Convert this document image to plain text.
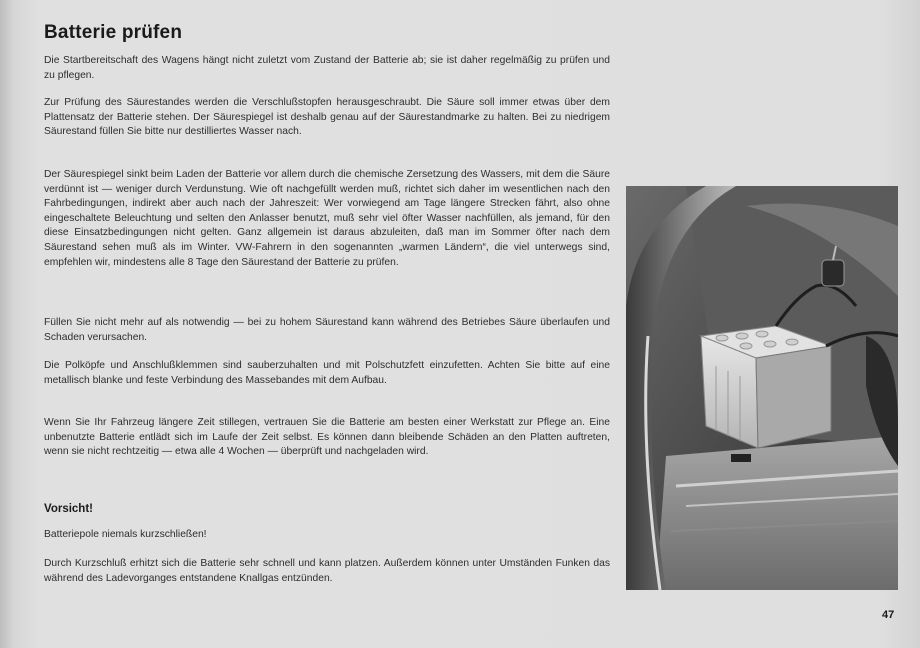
Batterie prüfen

Die Startbereitschaft des Wagens hängt nicht zuletzt vom Zustand der Batterie ab; sie ist daher regelmäßig zu prüfen und zu pflegen.

Zur Prüfung des Säurestandes werden die Verschlußstopfen herausgeschraubt. Die Säure soll immer etwas über dem Plattensatz der Batterie stehen. Der Säurespiegel ist deshalb genau auf der Säurestandmarke zu halten. Bei zu niedrigem Säurestand füllen Sie bitte nur destilliertes Wasser nach.

Der Säurespiegel sinkt beim Laden der Batterie vor allem durch die chemische Zersetzung des Wassers, mit dem die Säure verdünnt ist — weniger durch Verdunstung. Wie oft nachgefüllt werden muß, richtet sich daher im wesentlichen nach den Fahrbedingungen, indirekt aber auch nach der Jahreszeit: Wer vorwiegend am Tage längere Strecken fährt, also ohne eingeschaltete Beleuchtung und selten den Anlasser benutzt, muß sehr viel öfter Wasser nachfüllen, als jemand, für den diese Einsatzbedingungen nicht gelten. Ganz allgemein ist daraus abzuleiten, daß man im Sommer öfter nach dem Säurestand sehen muß als im Winter. VW-Fahrern in den sogenannten „warmen Ländern“, die viel unterwegs sind, empfehlen wir, mindestens alle 8 Tage den Säurestand der Batterie zu prüfen.

Füllen Sie nicht mehr auf als notwendig — bei zu hohem Säurestand kann während des Betriebes Säure überlaufen und Schaden verursachen.

Die Polköpfe und Anschlußklemmen sind sauberzuhalten und mit Polschutzfett einzufetten. Achten Sie bitte auf eine metallisch blanke und feste Verbindung des Massebandes mit dem Aufbau.

Wenn Sie Ihr Fahrzeug längere Zeit stillegen, vertrauen Sie die Batterie am besten einer Werkstatt zur Pflege an. Eine unbenutzte Batterie entlädt sich im Laufe der Zeit selbst. Es können dann bleibende Schäden an den Platten auftreten, wenn sie nicht rechtzeitig — etwa alle 4 Wochen — überprüft und nachgeladen wird.

Vorsicht!

Batteriepole niemals kurzschließen!

Durch Kurzschluß erhitzt sich die Batterie sehr schnell und kann platzen. Außerdem können unter Umständen Funken das während des Ladevorganges entstandene Knallgas entzünden.

47
